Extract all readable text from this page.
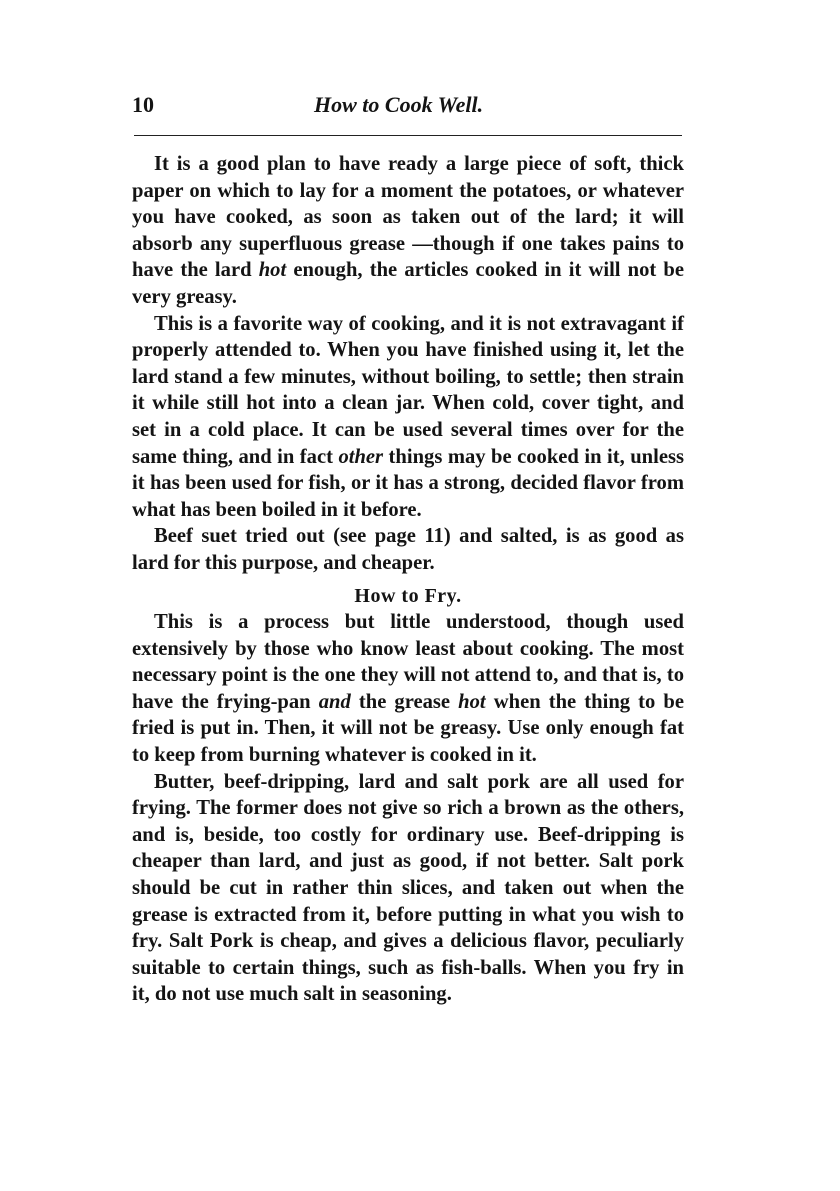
10	How to Cook Well.

It is a good plan to have ready a large piece of soft, thick paper on which to lay for a moment the potatoes, or whatever you have cooked, as soon as taken out of the lard; it will absorb any superfluous grease —though if one takes pains to have the lard hot enough, the articles cooked in it will not be very greasy.

This is a favorite way of cooking, and it is not extravagant if properly attended to. When you have finished using it, let the lard stand a few minutes, without boiling, to settle; then strain it while still hot into a clean jar. When cold, cover tight, and set in a cold place. It can be used several times over for the same thing, and in fact other things may be cooked in it, unless it has been used for fish, or it has a strong, decided flavor from what has been boiled in it before.

Beef suet tried out (see page 11) and salted, is as good as lard for this purpose, and cheaper.

How to Fry.

This is a process but little understood, though used extensively by those who know least about cooking. The most necessary point is the one they will not attend to, and that is, to have the frying-pan and the grease hot when the thing to be fried is put in. Then, it will not be greasy. Use only enough fat to keep from burning whatever is cooked in it.

Butter, beef-dripping, lard and salt pork are all used for frying. The former does not give so rich a brown as the others, and is, beside, too costly for ordinary use. Beef-dripping is cheaper than lard, and just as good, if not better. Salt pork should be cut in rather thin slices, and taken out when the grease is extracted from it, before putting in what you wish to fry. Salt Pork is cheap, and gives a delicious flavor, peculiarly suitable to certain things, such as fish-balls. When you fry in it, do not use much salt in seasoning.
